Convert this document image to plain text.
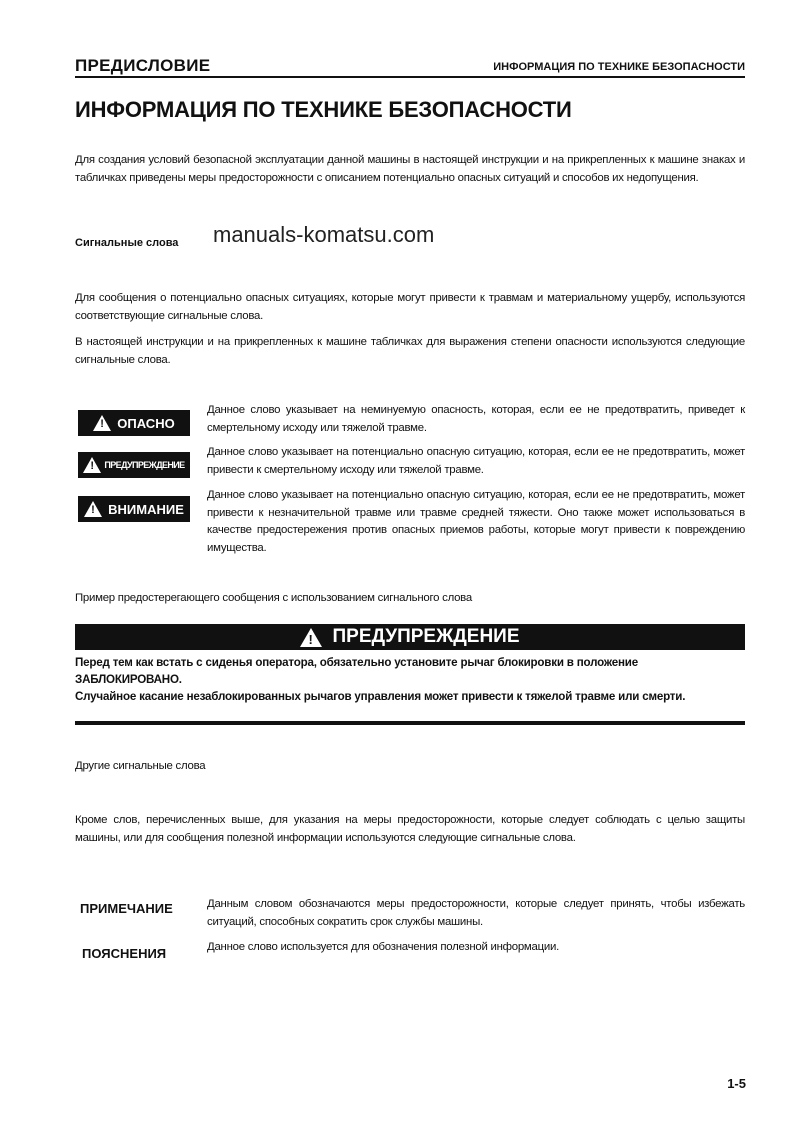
ПРЕДИСЛОВИЕ	ИНФОРМАЦИЯ ПО ТЕХНИКЕ БЕЗОПАСНОСТИ
ИНФОРМАЦИЯ ПО ТЕХНИКЕ БЕЗОПАСНОСТИ
Для создания условий безопасной эксплуатации данной машины в настоящей инструкции и на прикрепленных к машине знаках и табличках приведены меры предосторожности с описанием потенциально опасных ситуаций и способов их недопущения.
Сигнальные слова manuals-komatsu.com
Для сообщения о потенциально опасных ситуациях, которые могут привести к травмам и материальному ущербу, используются соответствующие сигнальные слова.
В настоящей инструкции и на прикрепленных к машине табличках для выражения степени опасности используются следующие сигнальные слова.
!
ОПАСНО
Данное слово указывает на неминуемую опасность, которая, если ее не предотвратить, приведет к смертельному исходу или тяжелой травме.
!
ПРЕДУПРЕЖДЕНИЕ
Данное слово указывает на потенциально опасную ситуацию, которая, если ее не предотвратить, может привести к смертельному исходу или тяжелой травме.
!
ВНИМАНИЕ
Данное слово указывает на потенциально опасную ситуацию, которая, если ее не предотвратить, может привести к незначительной травме или травме средней тяжести. Оно также может использоваться в качестве предостережения против опасных приемов работы, которые могут привести к повреждению имущества.
Пример предостерегающего сообщения с использованием сигнального слова
!
ПРЕДУПРЕЖДЕНИЕ
Перед тем как встать с сиденья оператора, обязательно установите рычаг блокировки в положение ЗАБЛОКИРОВАНО.
Случайное касание незаблокированных рычагов управления может привести к тяжелой травме или смерти.
Другие сигнальные слова
Кроме слов, перечисленных выше, для указания на меры предосторожности, которые следует соблюдать с целью защиты машины, или для сообщения полезной информации используются следующие сигнальные слова.
ПРИМЕЧАНИЕ	Данным словом обозначаются меры предосторожности, которые следует принять, чтобы избежать ситуаций, способных сократить срок службы машины.
ПОЯСНЕНИЯ	Данное слово используется для обозначения полезной информации.
1-5
